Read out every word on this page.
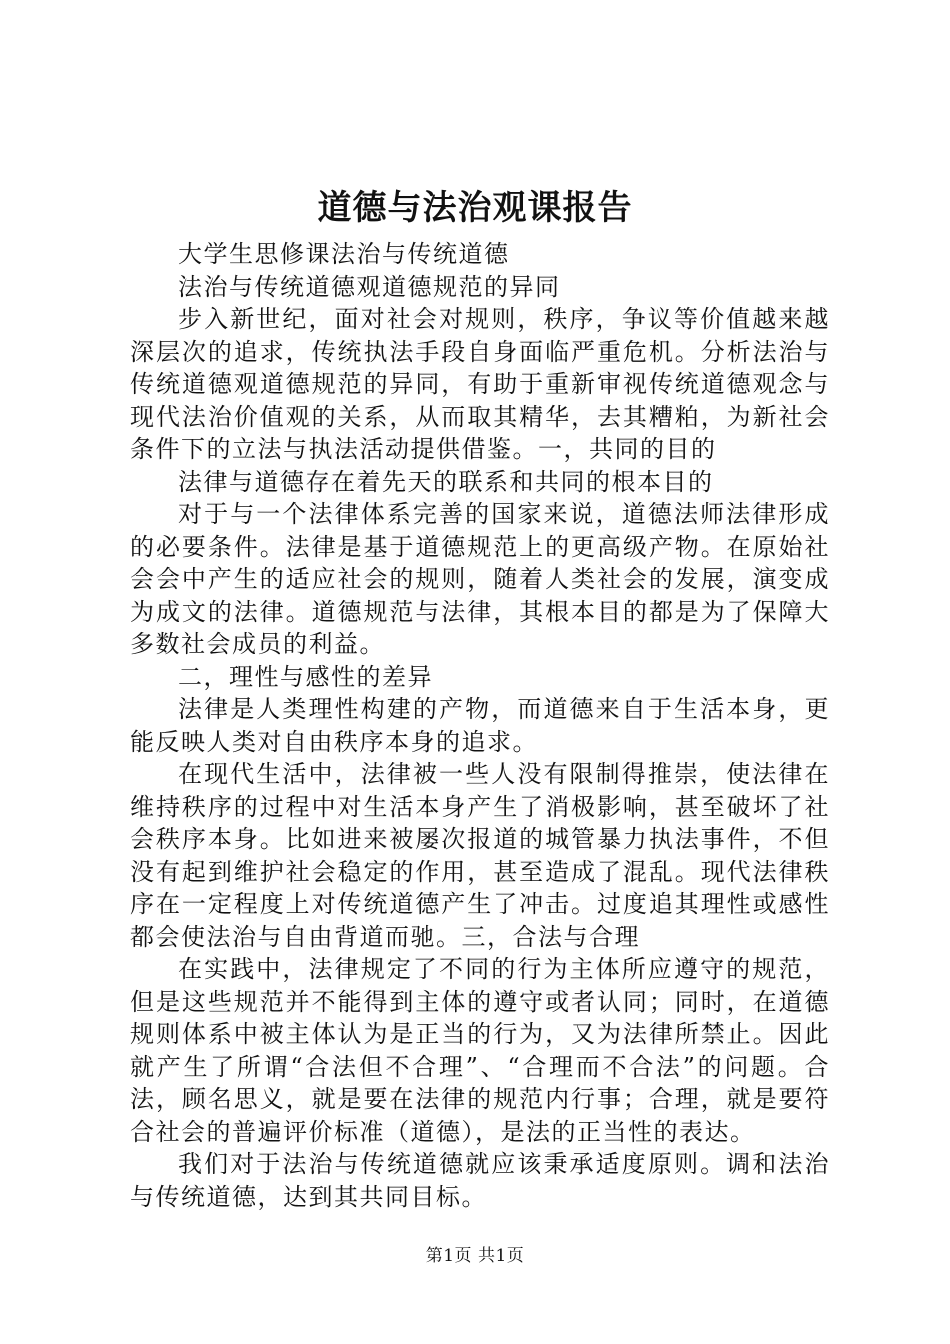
道德与法治观课报告

大学生思修课法治与传统道德

法治与传统道德观道德规范的异同

步入新世纪，面对社会对规则，秩序，争议等价值越来越深层次的追求，传统执法手段自身面临严重危机。分析法治与传统道德观道德规范的异同，有助于重新审视传统道德观念与现代法治价值观的关系，从而取其精华，去其糟粕，为新社会条件下的立法与执法活动提供借鉴。一，共同的目的

法律与道德存在着先天的联系和共同的根本目的

对于与一个法律体系完善的国家来说，道德法师法律形成的必要条件。法律是基于道德规范上的更高级产物。在原始社会会中产生的适应社会的规则，随着人类社会的发展，演变成为成文的法律。道德规范与法律，其根本目的都是为了保障大多数社会成员的利益。

二，理性与感性的差异

法律是人类理性构建的产物，而道德来自于生活本身，更能反映人类对自由秩序本身的追求。

在现代生活中，法律被一些人没有限制得推崇，使法律在维持秩序的过程中对生活本身产生了消极影响，甚至破坏了社会秩序本身。比如进来被屡次报道的城管暴力执法事件，不但没有起到维护社会稳定的作用，甚至造成了混乱。现代法律秩序在一定程度上对传统道德产生了冲击。过度追其理性或感性都会使法治与自由背道而驰。三，合法与合理

在实践中，法律规定了不同的行为主体所应遵守的规范，但是这些规范并不能得到主体的遵守或者认同；同时，在道德规则体系中被主体认为是正当的行为，又为法律所禁止。因此就产生了所谓“合法但不合理”、“合理而不合法”的问题。合法，顾名思义，就是要在法律的规范内行事；合理，就是要符合社会的普遍评价标准（道德），是法的正当性的表达。

我们对于法治与传统道德就应该秉承适度原则。调和法治与传统道德，达到其共同目标。

第1页 共1页
